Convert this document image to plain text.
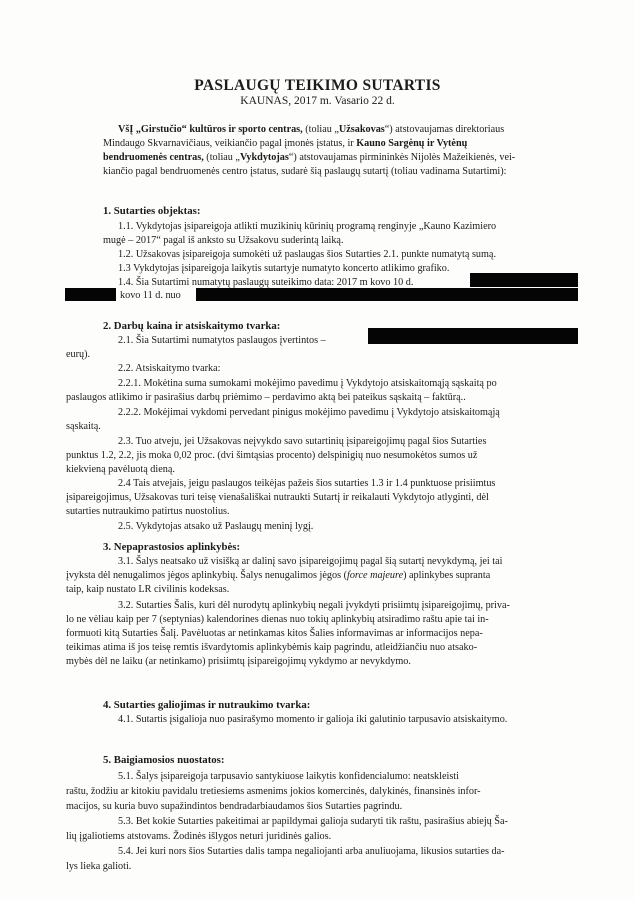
PASLAUGŲ TEIKIMO SUTARTIS
KAUNAS, 2017 m. Vasario 22 d.
VšĮ „Girstučio“ kultūros ir sporto centras, (toliau „Užsakovas“) atstovaujamas direktoriaus
Mindaugo Skvarnavičiaus, veikiančio pagal įmonės įstatus, ir Kauno Sargėnų ir Vytėnų
bendruomenės centras, (toliau „Vykdytojas“) atstovaujamas pirmininkės Nijolės Mažeikienės, vei-
kiančio pagal bendruomenės centro įstatus, sudarė šią paslaugų sutartį (toliau vadinama Sutartimi):
1. Sutarties objektas:
1.1. Vykdytojas įsipareigoja atlikti muzikinių kūrinių programą renginyje „Kauno Kazimiero
mugė – 2017“ pagal iš anksto su Užsakovu suderintą laiką.
1.2. Užsakovas įsipareigoja sumokėti už paslaugas šios Sutarties 2.1. punkte numatytą sumą.
1.3 Vykdytojas įsipareigoja laikytis sutartyje numatyto koncerto atlikimo grafiko.
1.4. Šia Sutartimi numatytų paslaugų suteikimo data: 2017 m kovo 10 d.
kovo 11 d. nuo
2. Darbų kaina ir atsiskaitymo tvarka:
2.1. Šia Sutartimi numatytos paslaugos įvertintos –
eurų).
2.2. Atsiskaitymo tvarka:
2.2.1. Mokėtina suma sumokami mokėjimo pavedimu į Vykdytojo atsiskaitomąją sąskaitą po
paslaugos atlikimo ir pasirašius darbų priėmimo – perdavimo aktą bei pateikus sąskaitą – faktūrą..
2.2.2. Mokėjimai vykdomi pervedant pinigus mokėjimo pavedimu į Vykdytojo atsiskaitomąją
sąskaitą.
2.3. Tuo atveju, jei Užsakovas neįvykdo savo sutartinių įsipareigojimų pagal šios Sutarties
punktus 1.2, 2.2, jis moka 0,02 proc. (dvi šimtąsias procento) delspinigių nuo nesumokėtos sumos už
kiekvieną pavėluotą dieną.
2.4 Tais atvejais, jeigu paslaugos teikėjas pažeis šios sutarties 1.3 ir 1.4 punktuose prisiimtus
įsipareigojimus, Užsakovas turi teisę vienašališkai nutraukti Sutartį ir reikalauti Vykdytojo atlyginti, dėl
sutarties nutraukimo patirtus nuostolius.
2.5. Vykdytojas atsako už Paslaugų meninį lygį.
3. Nepaprastosios aplinkybės:
3.1. Šalys neatsako už visišką ar dalinį savo įsipareigojimų pagal šią sutartį nevykdymą, jei tai
įvyksta dėl nenugalimos jėgos aplinkybių. Šalys nenugalimos jėgos (force majeure) aplinkybes supranta
taip, kaip nustato LR civilinis kodeksas.
3.2. Sutarties Šalis, kuri dėl nurodytų aplinkybių negali įvykdyti prisiimtų įsipareigojimų, priva-
lo ne vėliau kaip per 7 (septynias) kalendorines dienas nuo tokių aplinkybių atsiradimo raštu apie tai in-
formuoti kitą Sutarties Šalį. Pavėluotas ar netinkamas kitos Šalies informavimas ar informacijos nepa-
teikimas atima iš jos teisę remtis išvardytomis aplinkybėmis kaip pagrindu, atleidžiančiu nuo atsako-
mybės dėl ne laiku (ar netinkamo) prisiimtų įsipareigojimų vykdymo ar nevykdymo.
4. Sutarties galiojimas ir nutraukimo tvarka:
4.1. Sutartis įsigalioja nuo pasirašymo momento ir galioja iki galutinio tarpusavio atsiskaitymo.
5. Baigiamosios nuostatos:
5.1. Šalys įsipareigoja tarpusavio santykiuose laikytis konfidencialumo: neatskleisti
raštu, žodžiu ar kitokiu pavidalu tretiesiems asmenims jokios komercinės, dalykinės, finansinės infor-
macijos, su kuria buvo supažindintos bendradarbiaudamos šios Sutarties pagrindu.
5.3. Bet kokie Sutarties pakeitimai ar papildymai galioja sudaryti tik raštu, pasirašius abiejų Ša-
lių įgaliotiems atstovams. Žodinės išlygos neturi juridinės galios.
5.4. Jei kuri nors šios Sutarties dalis tampa negaliojanti arba anuliuojama, likusios sutarties da-
lys lieka galioti.
